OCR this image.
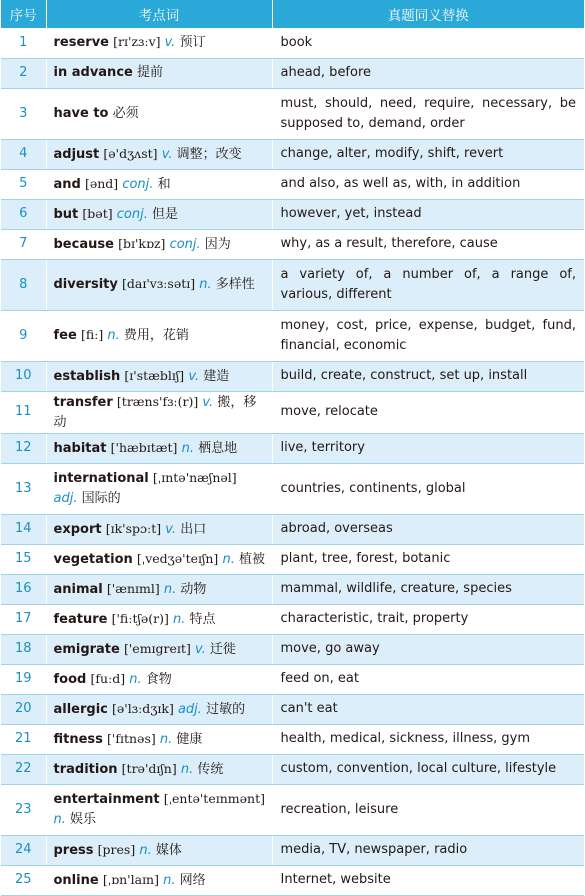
序号	考点词	真题同义替换
1	reserve [rɪ'zɜːv] v. 预订	book
2	in advance 提前	ahead, before
3	have to 必须	must, should, need, require, necessary, be supposed to, demand, order
4	adjust [ə'dʒʌst] v. 调整；改变	change, alter, modify, shift, revert
5	and [ənd] conj. 和	and also, as well as, with, in addition
6	but [bət] conj. 但是	however, yet, instead
7	because [bɪ'kɒz] conj. 因为	why, as a result, therefore, cause
8	diversity [daɪ'vɜːsətɪ] n. 多样性	a variety of, a number of, a range of, various, different
9	fee [fiː] n. 费用，花销	money, cost, price, expense, budget, fund, financial, economic
10	establish [ɪ'stæblɪʃ] v. 建造	build, create, construct, set up, install
11	transfer [træns'fɜː(r)] v. 搬，移动	move, relocate
12	habitat ['hæbɪtæt] n. 栖息地	live, territory
13	international [ˌɪntə'næʃnəl]
adj. 国际的	countries, continents, global
14	export [ɪk'spɔːt] v. 出口	abroad, overseas
15	vegetation [ˌvedʒə'teɪʃn] n. 植被	plant, tree, forest, botanic
16	animal ['ænɪml] n. 动物	mammal, wildlife, creature, species
17	feature ['fiːtʃə(r)] n. 特点	characteristic, trait, property
18	emigrate ['emɪgreɪt] v. 迁徙	move, go away
19	food [fuːd] n. 食物	feed on, eat
20	allergic [ə'lɜːdʒɪk] adj. 过敏的	can't eat
21	fitness ['fɪtnəs] n. 健康	health, medical, sickness, illness, gym
22	tradition [trə'dɪʃn] n. 传统	custom, convention, local culture, lifestyle
23	entertainment [ˌentə'teɪnmənt]
n. 娱乐	recreation, leisure
24	press [pres] n. 媒体	media, TV, newspaper, radio
25	online [ˌɒn'laɪn] n. 网络	Internet, website
